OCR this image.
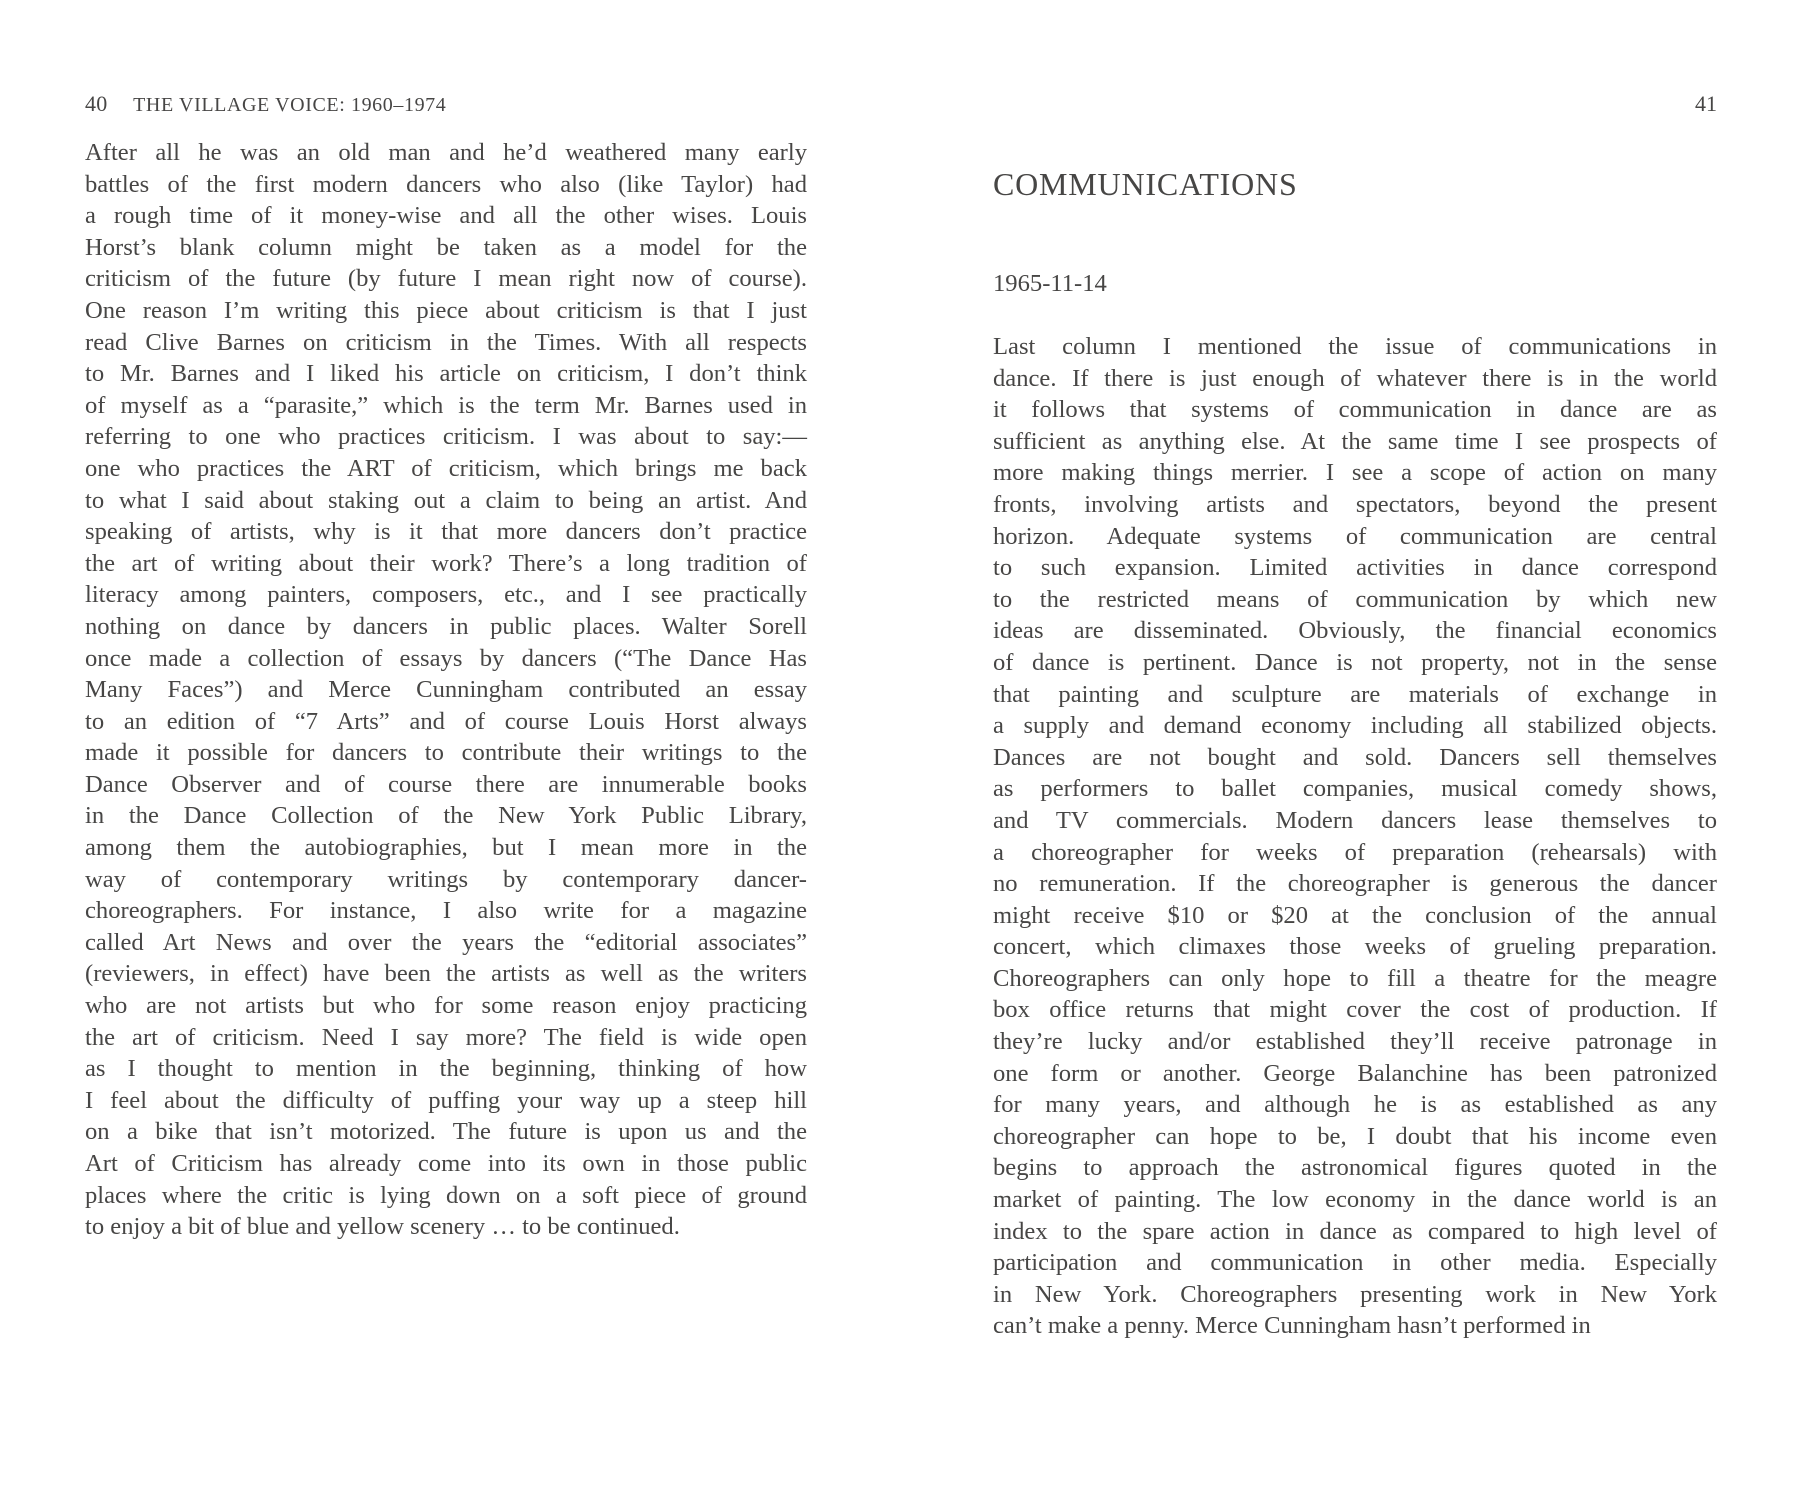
40 THE VILLAGE VOICE: 1960–1974
After all he was an old man and he’d weathered many early
battles of the first modern dancers who also (like Taylor) had
a rough time of it money-wise and all the other wises. Louis
Horst’s blank column might be taken as a model for the
criticism of the future (by future I mean right now of course).
One reason I’m writing this piece about criticism is that I just
read Clive Barnes on criticism in the Times. With all respects
to Mr. Barnes and I liked his article on criticism, I don’t think
of myself as a “parasite,” which is the term Mr. Barnes used in
referring to one who practices criticism. I was about to say:—
one who practices the ART of criticism, which brings me back
to what I said about staking out a claim to being an artist. And
speaking of artists, why is it that more dancers don’t practice
the art of writing about their work? There’s a long tradition of
literacy among painters, composers, etc., and I see practically
nothing on dance by dancers in public places. Walter Sorell
once made a collection of essays by dancers (“The Dance Has
Many Faces”) and Merce Cunningham contributed an essay
to an edition of “7 Arts” and of course Louis Horst always
made it possible for dancers to contribute their writings to the
Dance Observer and of course there are innumerable books
in the Dance Collection of the New York Public Library,
among them the autobiographies, but I mean more in the
way of contemporary writings by contemporary dancer-
choreographers. For instance, I also write for a magazine
called Art News and over the years the “editorial associates”
(reviewers, in effect) have been the artists as well as the writers
who are not artists but who for some reason enjoy practicing
the art of criticism. Need I say more? The field is wide open
as I thought to mention in the beginning, thinking of how
I feel about the difficulty of puffing your way up a steep hill
on a bike that isn’t motorized. The future is upon us and the
Art of Criticism has already come into its own in those public
places where the critic is lying down on a soft piece of ground
to enjoy a bit of blue and yellow scenery … to be continued.
41
COMMUNICATIONS
1965-11-14
Last column I mentioned the issue of communications in
dance. If there is just enough of whatever there is in the world
it follows that systems of communication in dance are as
sufficient as anything else. At the same time I see prospects of
more making things merrier. I see a scope of action on many
fronts, involving artists and spectators, beyond the present
horizon. Adequate systems of communication are central
to such expansion. Limited activities in dance correspond
to the restricted means of communication by which new
ideas are disseminated. Obviously, the financial economics
of dance is pertinent. Dance is not property, not in the sense
that painting and sculpture are materials of exchange in
a supply and demand economy including all stabilized objects.
Dances are not bought and sold. Dancers sell themselves
as performers to ballet companies, musical comedy shows,
and TV commercials. Modern dancers lease themselves to
a choreographer for weeks of preparation (rehearsals) with
no remuneration. If the choreographer is generous the dancer
might receive $10 or $20 at the conclusion of the annual
concert, which climaxes those weeks of grueling preparation.
Choreographers can only hope to fill a theatre for the meagre
box office returns that might cover the cost of production. If
they’re lucky and/or established they’ll receive patronage in
one form or another. George Balanchine has been patronized
for many years, and although he is as established as any
choreographer can hope to be, I doubt that his income even
begins to approach the astronomical figures quoted in the
market of painting. The low economy in the dance world is an
index to the spare action in dance as compared to high level of
participation and communication in other media. Especially
in New York. Choreographers presenting work in New York
can’t make a penny. Merce Cunningham hasn’t performed in
